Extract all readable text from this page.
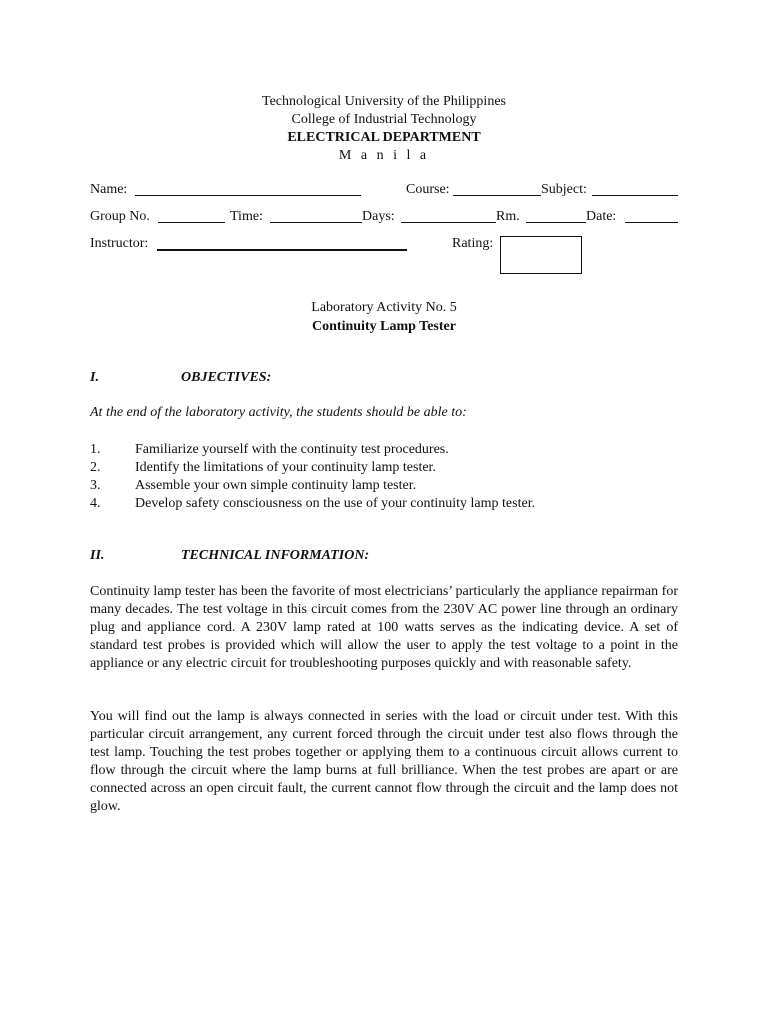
Technological University of the Philippines
College of Industrial Technology
ELECTRICAL DEPARTMENT
M a n i l a
Name:	Course:	Subject:
Group No.	Time:	Days:	Rm.	Date:
Instructor:	Rating:
Laboratory Activity No. 5
Continuity Lamp Tester
I.	OBJECTIVES:
At the end of the laboratory activity, the students should be able to:
1. Familiarize yourself with the continuity test procedures.
2. Identify the limitations of your continuity lamp tester.
3. Assemble your own simple continuity lamp tester.
4. Develop safety consciousness on the use of your continuity lamp tester.
II.	TECHNICAL INFORMATION:

Continuity lamp tester has been the favorite of most electricians’ particularly the appliance repairman for many decades. The test voltage in this circuit comes from the 230V AC power line through an ordinary plug and appliance cord. A 230V lamp rated at 100 watts serves as the indicating device. A set of standard test probes is provided which will allow the user to apply the test voltage to a point in the appliance or any electric circuit for troubleshooting purposes quickly and with reasonable safety.

You will find out the lamp is always connected in series with the load or circuit under test. With this particular circuit arrangement, any current forced through the circuit under test also flows through the test lamp. Touching the test probes together or applying them to a continuous circuit allows current to flow through the circuit where the lamp burns at full brilliance. When the test probes are apart or are connected across an open circuit fault, the current cannot flow through the circuit and the lamp does not glow.
